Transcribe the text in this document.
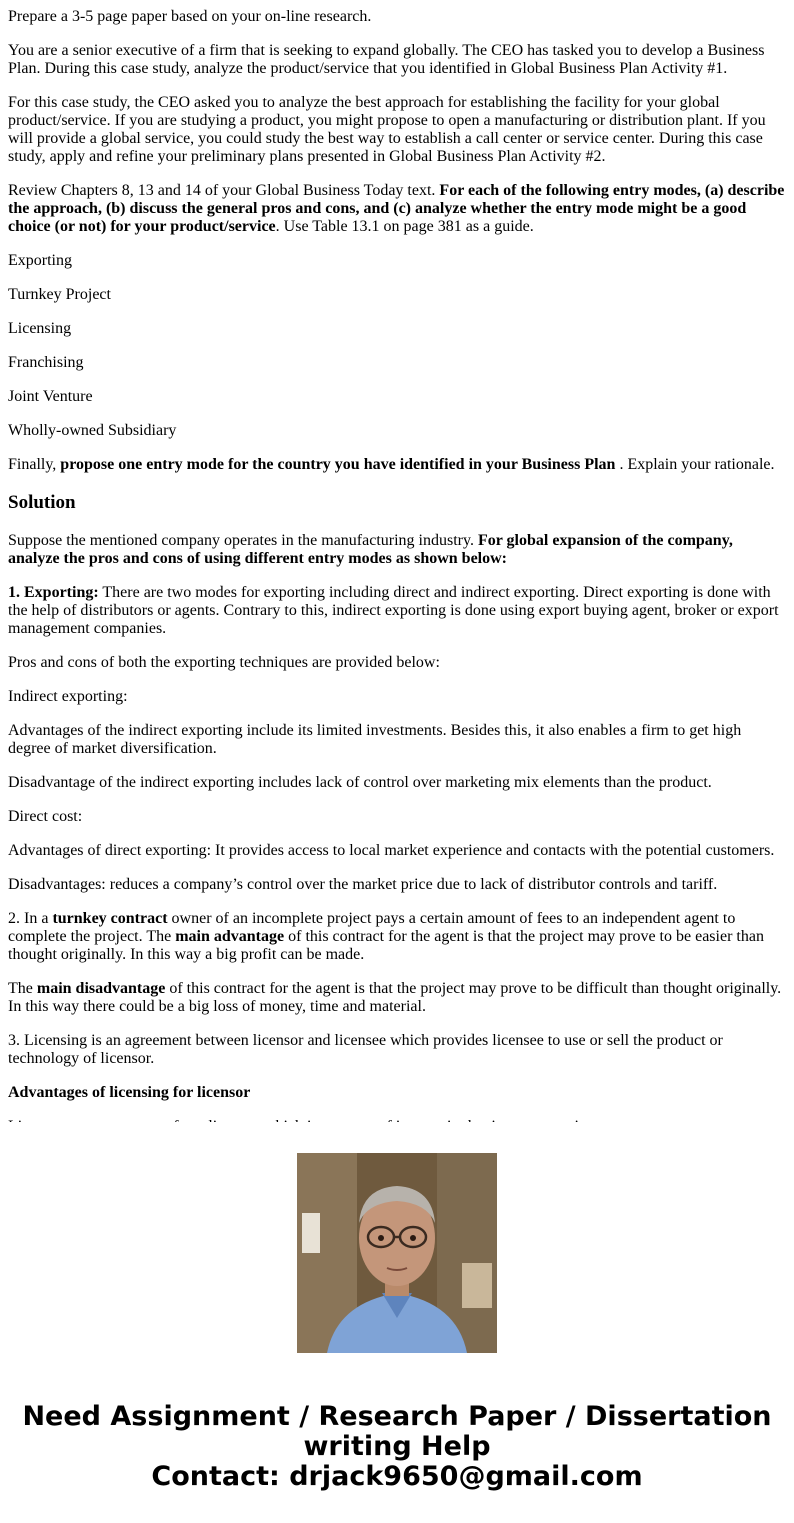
Prepare a 3-5 page paper based on your on-line research.

You are a senior executive of a firm that is seeking to expand globally. The CEO has tasked you to develop a Business Plan. During this case study, analyze the product/service that you identified in Global Business Plan Activity #1.

For this case study, the CEO asked you to analyze the best approach for establishing the facility for your global product/service. If you are studying a product, you might propose to open a manufacturing or distribution plant. If you will provide a global service, you could study the best way to establish a call center or service center. During this case study, apply and refine your preliminary plans presented in Global Business Plan Activity #2.

Review Chapters 8, 13 and 14 of your Global Business Today text. For each of the following entry modes, (a) describe the approach, (b) discuss the general pros and cons, and (c) analyze whether the entry mode might be a good choice (or not) for your product/service. Use Table 13.1 on page 381 as a guide.

Exporting

Turnkey Project

Licensing

Franchising

Joint Venture

Wholly-owned Subsidiary

Finally, propose one entry mode for the country you have identified in your Business Plan . Explain your rationale.

Solution

Suppose the mentioned company operates in the manufacturing industry. For global expansion of the company, analyze the pros and cons of using different entry modes as shown below:

1. Exporting: There are two modes for exporting including direct and indirect exporting. Direct exporting is done with the help of distributors or agents. Contrary to this, indirect exporting is done using export buying agent, broker or export management companies.

Pros and cons of both the exporting techniques are provided below:

Indirect exporting:

Advantages of the indirect exporting include its limited investments. Besides this, it also enables a firm to get high degree of market diversification.

Disadvantage of the indirect exporting includes lack of control over marketing mix elements than the product.

Direct cost:

Advantages of direct exporting: It provides access to local market experience and contacts with the potential customers.

Disadvantages: reduces a company’s control over the market price due to lack of distributor controls and tariff.

2. In a turnkey contract owner of an incomplete project pays a certain amount of fees to an independent agent to complete the project. The main advantage of this contract for the agent is that the project may prove to be easier than thought originally. In this way a big profit can be made.

The main disadvantage of this contract for the agent is that the project may prove to be difficult than thought originally. In this way there could be a big loss of money, time and material.

3. Licensing is an agreement between licensor and licensee which provides licensee to use or sell the product or technology of licensor.

Advantages of licensing for licensor

Need Assignment / Research Paper / Dissertation
writing Help
Contact: drjack9650@gmail.com
